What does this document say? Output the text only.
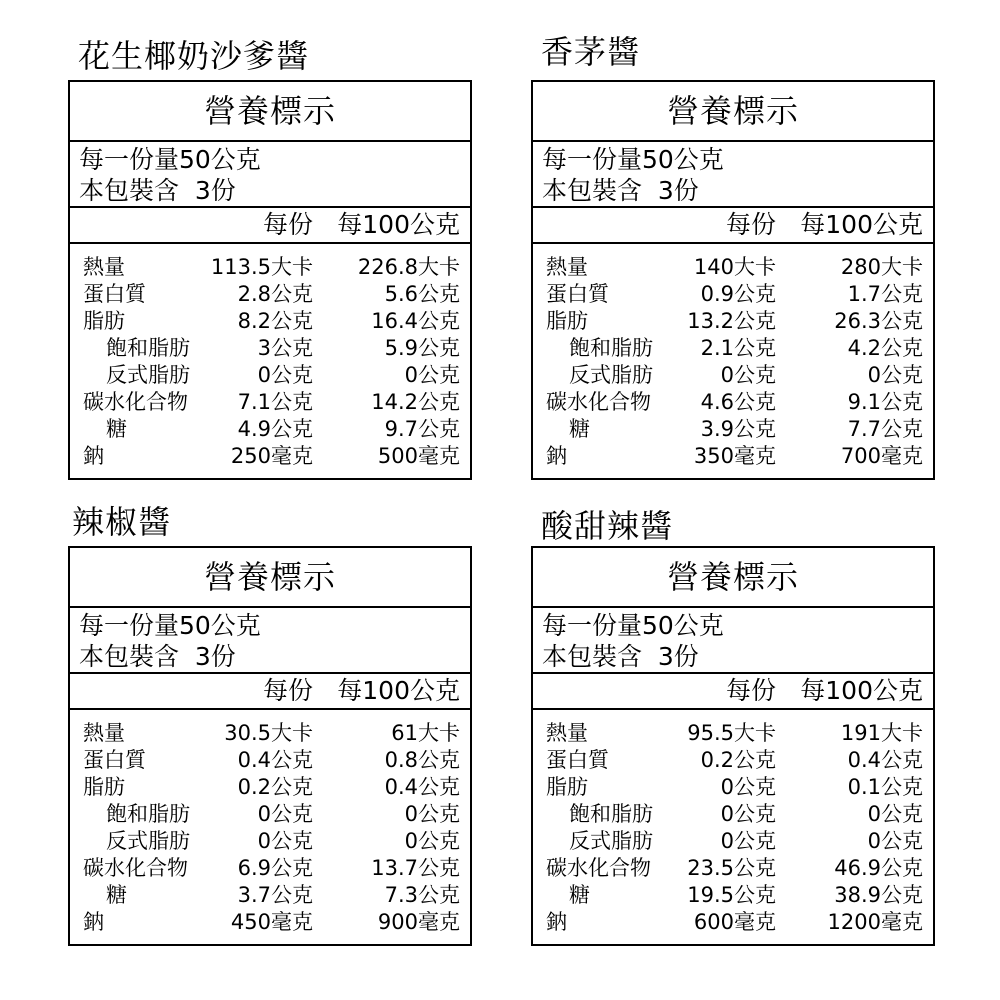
花生椰奶沙爹醬
營養標示
每一份量50公克
本包裝含  3份
每份 每100公克
熱量	113.5大卡 226.8大卡
蛋白質	2.8公克	5.6公克
脂肪	8.2公克	16.4公克
飽和脂肪	3公克	5.9公克
反式脂肪	0公克	0公克
碳水化合物 7.1公克	14.2公克
糖	4.9公克	9.7公克
鈉	250毫克	500毫克
香茅醬
營養標示
每一份量50公克
本包裝含  3份
每份 每100公克
熱量	140大卡	280大卡
蛋白質	0.9公克	1.7公克
脂肪	13.2公克	26.3公克
飽和脂肪 2.1公克	4.2公克
反式脂肪	0公克	0公克
碳水化合物 4.6公克	9.1公克
糖	3.9公克	7.7公克
鈉	350毫克	700毫克
辣椒醬
營養標示
每一份量50公克
本包裝含  3份
每份 每100公克
熱量	30.5大卡	61大卡
蛋白質	0.4公克	0.8公克
脂肪	0.2公克	0.4公克
飽和脂肪	0公克	0公克
反式脂肪	0公克	0公克
碳水化合物 6.9公克	13.7公克
糖	3.7公克	7.3公克
鈉	450毫克	900毫克
酸甜辣醬
營養標示
每一份量50公克
本包裝含  3份
每份 每100公克
熱量	95.5大卡	191大卡
蛋白質	0.2公克	0.4公克
脂肪	0公克	0.1公克
飽和脂肪	0公克	0公克
反式脂肪	0公克	0公克
碳水化合物 23.5公克	46.9公克
糖	19.5公克	38.9公克
鈉	600毫克 1200毫克
